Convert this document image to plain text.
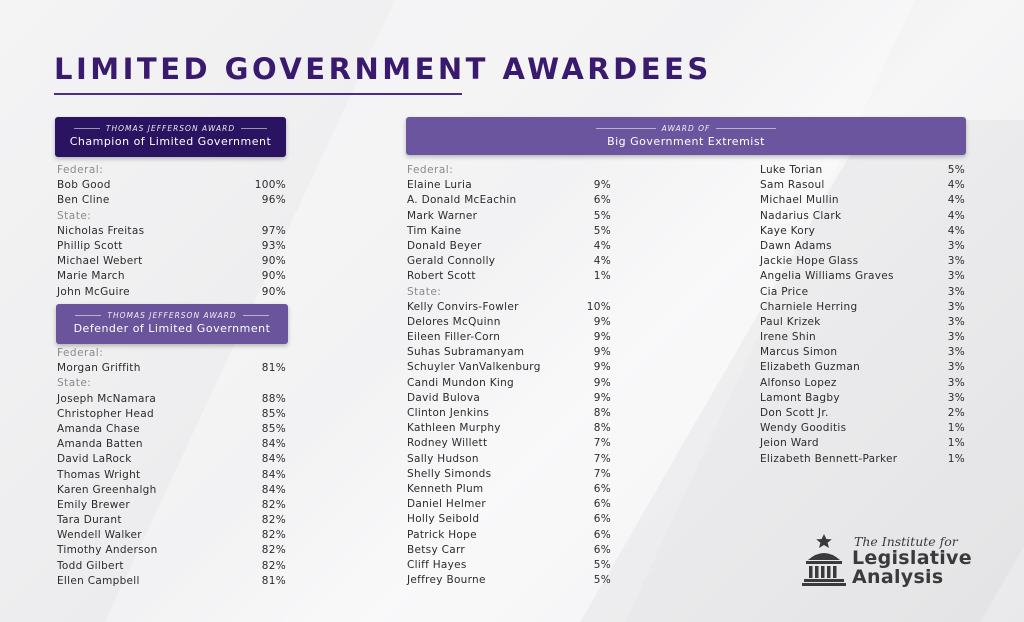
LIMITED GOVERNMENT AWARDEES
THOMAS JEFFERSON AWARD
Champion of Limited Government
Federal:
Bob Good	100%
Ben Cline	96%
State:
Nicholas Freitas	97%
Phillip Scott	93%
Michael Webert	90%
Marie March	90%
John McGuire	90%
THOMAS JEFFERSON AWARD
Defender of Limited Government
Federal:
Morgan Griffith	81%
State:
Joseph McNamara	88%
Christopher Head	85%
Amanda Chase	85%
Amanda Batten	84%
David LaRock	84%
Thomas Wright	84%
Karen Greenhalgh	84%
Emily Brewer	82%
Tara Durant	82%
Wendell Walker	82%
Timothy Anderson	82%
Todd Gilbert	82%
Ellen Campbell	81%
AWARD OF
Big Government Extremist
Federal:
Elaine Luria	9%
A. Donald McEachin	6%
Mark Warner	5%
Tim Kaine	5%
Donald Beyer	4%
Gerald Connolly	4%
Robert Scott	1%
State:
Kelly Convirs-Fowler	10%
Delores McQuinn	9%
Eileen Filler-Corn	9%
Suhas Subramanyam	9%
Schuyler VanValkenburg	9%
Candi Mundon King	9%
David Bulova	9%
Clinton Jenkins	8%
Kathleen Murphy	8%
Rodney Willett	7%
Sally Hudson	7%
Shelly Simonds	7%
Kenneth Plum	6%
Daniel Helmer	6%
Holly Seibold	6%
Patrick Hope	6%
Betsy Carr	6%
Cliff Hayes	5%
Jeffrey Bourne	5%
Luke Torian	5%
Sam Rasoul	4%
Michael Mullin	4%
Nadarius Clark	4%
Kaye Kory	4%
Dawn Adams	3%
Jackie Hope Glass	3%
Angelia Williams Graves	3%
Cia Price	3%
Charniele Herring	3%
Paul Krizek	3%
Irene Shin	3%
Marcus Simon	3%
Elizabeth Guzman	3%
Alfonso Lopez	3%
Lamont Bagby	3%
Don Scott Jr.	2%
Wendy Gooditis	1%
Jeion Ward	1%
Elizabeth Bennett-Parker	1%
The Institute for
Legislative
Analysis
